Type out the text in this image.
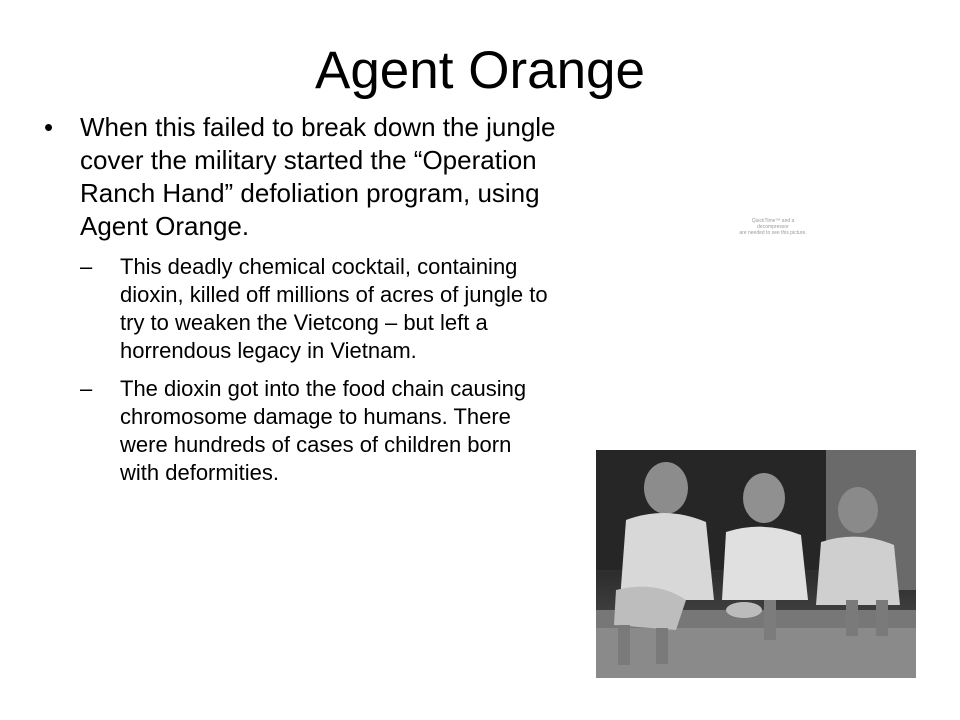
Agent Orange
• When this failed to break down the jungle cover the military started the “Operation Ranch Hand” defoliation program, using Agent Orange.
– This deadly chemical cocktail, containing dioxin, killed off millions of acres of jungle to try to weaken the Vietcong – but left a horrendous legacy in Vietnam.
– The dioxin got into the food chain causing chromosome damage to humans. There were hundreds of cases of children born with deformities.
QuickTime™ and a
decompressor
are needed to see this picture.
